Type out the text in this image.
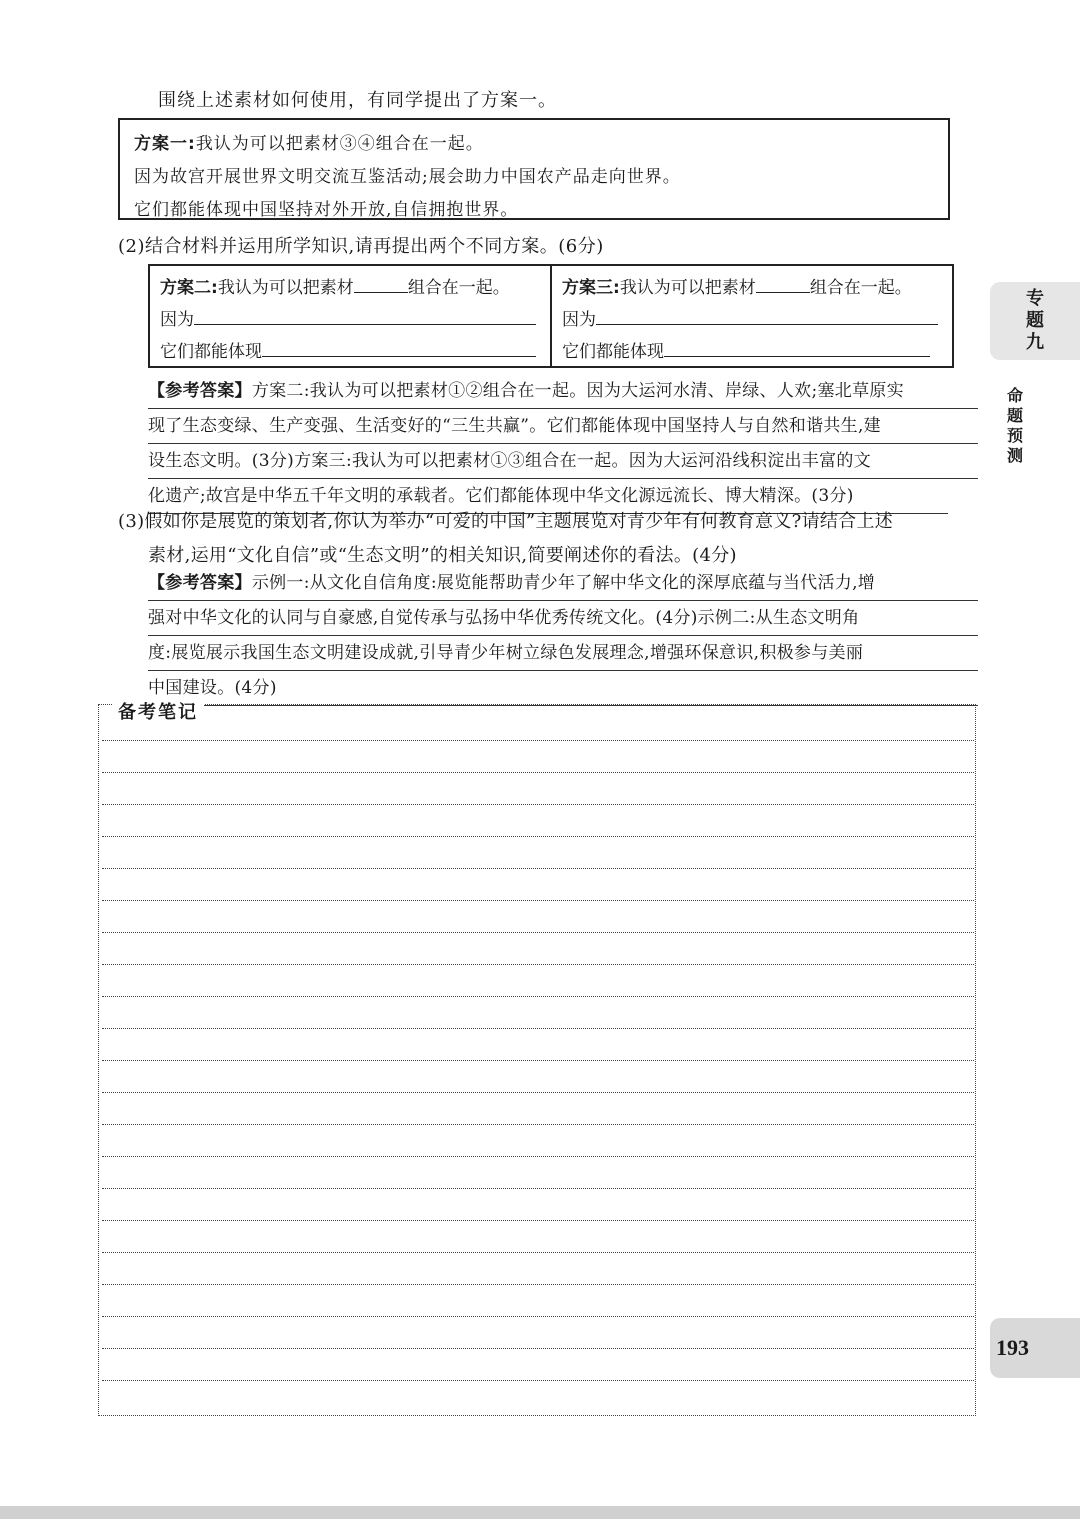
围绕上述素材如何使用，有同学提出了方案一。
方案一:我认为可以把素材③④组合在一起。
因为故宫开展世界文明交流互鉴活动;展会助力中国农产品走向世界。
它们都能体现中国坚持对外开放,自信拥抱世界。
(2)结合材料并运用所学知识,请再提出两个不同方案。(6分)
方案二:我认为可以把素材	组合在一起。
因为
它们都能体现
方案三:我认为可以把素材	组合在一起。
因为
它们都能体现
【参考答案】方案二:我认为可以把素材①②组合在一起。因为大运河水清、岸绿、人欢;塞北草原实
现了生态变绿、生产变强、生活变好的“三生共赢”。它们都能体现中国坚持人与自然和谐共生,建
设生态文明。(3分)方案三:我认为可以把素材①③组合在一起。因为大运河沿线积淀出丰富的文
化遗产;故宫是中华五千年文明的承载者。它们都能体现中华文化源远流长、博大精深。(3分)
(3)假如你是展览的策划者,你认为举办“可爱的中国”主题展览对青少年有何教育意义?请结合上述
素材,运用“文化自信”或“生态文明”的相关知识,简要阐述你的看法。(4分)
【参考答案】示例一:从文化自信角度:展览能帮助青少年了解中华文化的深厚底蕴与当代活力,增
强对中华文化的认同与自豪感,自觉传承与弘扬中华优秀传统文化。(4分)示例二:从生态文明角
度:展览展示我国生态文明建设成就,引导青少年树立绿色发展理念,增强环保意识,积极参与美丽
中国建设。(4分)
备考笔记
专
题
九
命
题
预
测
193
